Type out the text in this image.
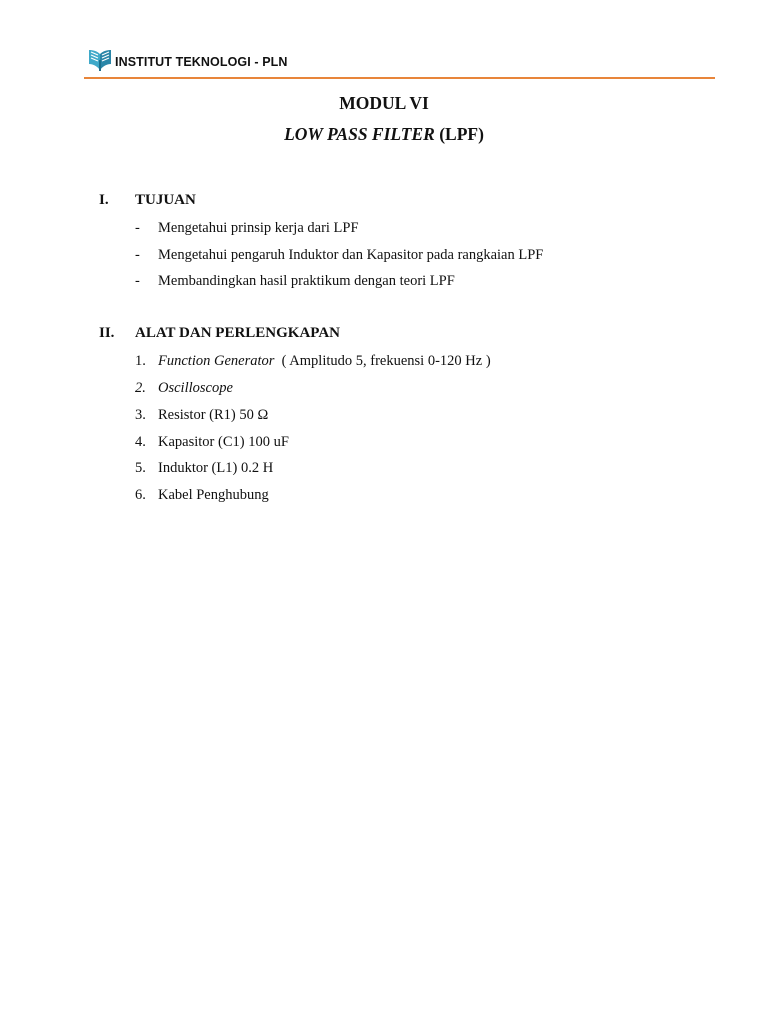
INSTITUT TEKNOLOGI - PLN
MODUL VI
LOW PASS FILTER (LPF)
I. TUJUAN
- Mengetahui prinsip kerja dari LPF
- Mengetahui pengaruh Induktor dan Kapasitor pada rangkaian LPF
- Membandingkan hasil praktikum dengan teori LPF
II. ALAT DAN PERLENGKAPAN
1. Function Generator  ( Amplitudo 5, frekuensi 0-120 Hz )
2. Oscilloscope
3. Resistor (R1) 50 Ω
4. Kapasitor (C1) 100 uF
5. Induktor (L1) 0.2 H
6. Kabel Penghubung
